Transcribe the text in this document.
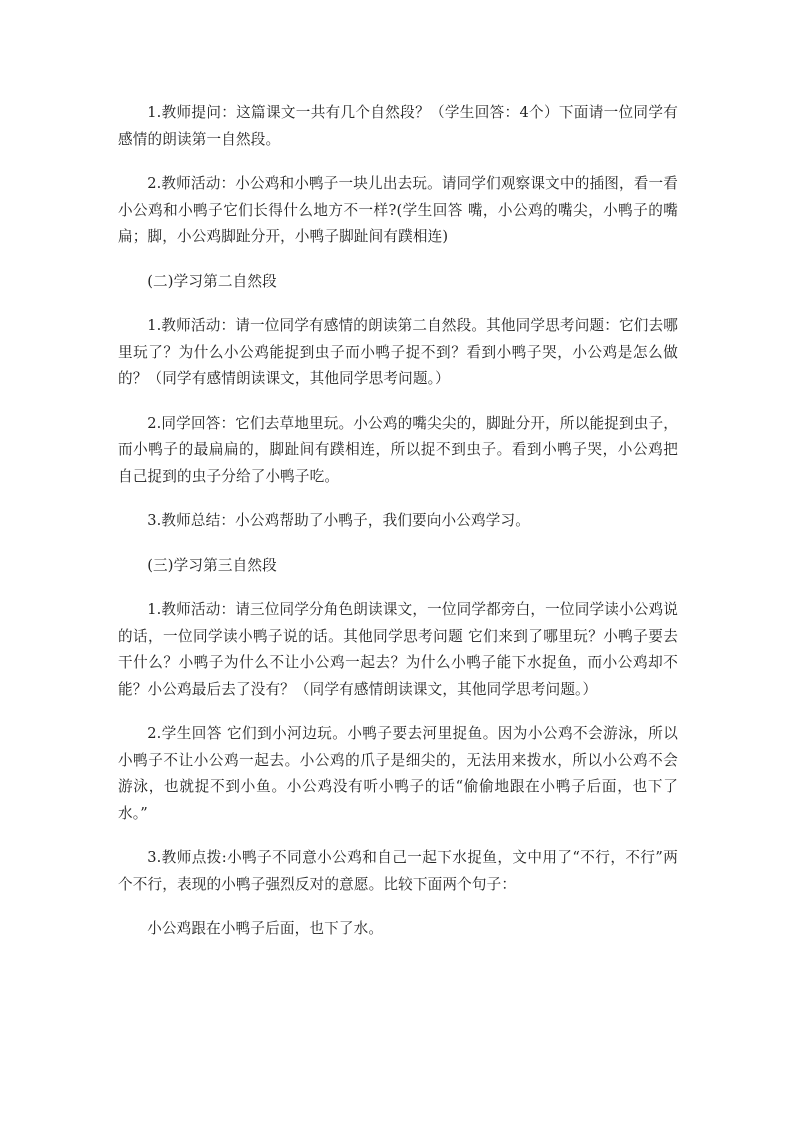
1.教师提问：这篇课文一共有几个自然段？（学生回答：4个）下面请一位同学有感情的朗读第一自然段。

2.教师活动：小公鸡和小鸭子一块儿出去玩。请同学们观察课文中的插图，看一看小公鸡和小鸭子它们长得什么地方不一样?(学生回答 嘴，小公鸡的嘴尖，小鸭子的嘴扁；脚，小公鸡脚趾分开，小鸭子脚趾间有蹼相连)

(二)学习第二自然段

1.教师活动：请一位同学有感情的朗读第二自然段。其他同学思考问题：它们去哪里玩了？为什么小公鸡能捉到虫子而小鸭子捉不到？看到小鸭子哭，小公鸡是怎么做的？（同学有感情朗读课文，其他同学思考问题。）

2.同学回答：它们去草地里玩。小公鸡的嘴尖尖的，脚趾分开，所以能捉到虫子，而小鸭子的最扁扁的，脚趾间有蹼相连，所以捉不到虫子。看到小鸭子哭，小公鸡把自己捉到的虫子分给了小鸭子吃。

3.教师总结：小公鸡帮助了小鸭子，我们要向小公鸡学习。

(三)学习第三自然段

1.教师活动：请三位同学分角色朗读课文，一位同学都旁白，一位同学读小公鸡说的话，一位同学读小鸭子说的话。其他同学思考问题 它们来到了哪里玩？小鸭子要去干什么？小鸭子为什么不让小公鸡一起去？为什么小鸭子能下水捉鱼，而小公鸡却不能？小公鸡最后去了没有？（同学有感情朗读课文，其他同学思考问题。）

2.学生回答 它们到小河边玩。小鸭子要去河里捉鱼。因为小公鸡不会游泳，所以小鸭子不让小公鸡一起去。小公鸡的爪子是细尖的，无法用来拨水，所以小公鸡不会游泳，也就捉不到小鱼。小公鸡没有听小鸭子的话“偷偷地跟在小鸭子后面，也下了水。”

3.教师点拨:小鸭子不同意小公鸡和自己一起下水捉鱼，文中用了“不行，不行”两个不行，表现的小鸭子强烈反对的意愿。比较下面两个句子：

小公鸡跟在小鸭子后面，也下了水。
